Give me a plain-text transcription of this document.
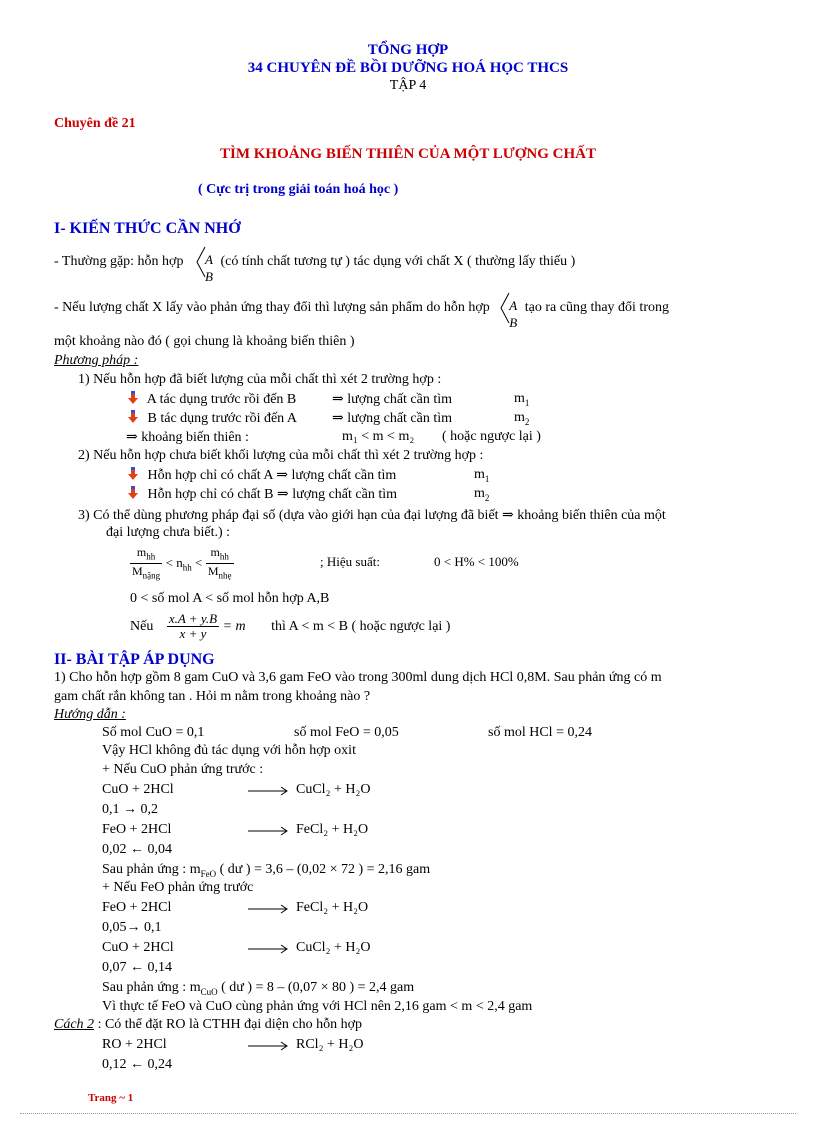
TỔNG HỢP
34 CHUYÊN ĐỀ BỒI DƯỠNG HOÁ HỌC THCS
TẬP 4
Chuyên đề 21
TÌM KHOẢNG BIẾN THIÊN CỦA MỘT LƯỢNG CHẤT
( Cực trị trong giải toán hoá học )
I- KIẾN THỨC CẦN NHỚ
- Thường gặp: hỗn hợp A
B
(có tính chất tương tự ) tác dụng với chất X ( thường lấy thiếu )
- Nếu lượng chất X lấy vào phản ứng thay đổi thì lượng sản phẩm do hỗn hợp A
B
tạo ra cũng thay đổi trong
một khoảng nào đó ( gọi chung là khoảng biến thiên )
Phương pháp :
1) Nếu hỗn hợp đã biết lượng của mỗi chất thì xét 2 trường hợp :
A tác dụng trước rồi đến B	⇒ lượng chất cần tìm	$m_1$
B tác dụng trước rồi đến A ⇒ lượng chất cần tìm	$m_2$
⇒ khoảng biến thiên :	m₁ < m < m₂ ( hoặc ngược lại )
2) Nếu hỗn hợp chưa biết khối lượng của mỗi chất thì xét 2 trường hợp :
Hỗn hợp chỉ có chất A ⇒ lượng chất cần tìm	$m_1$
Hỗn hợp chỉ có chất B ⇒ lượng chất cần tìm	$m_2$
3) Có thể dùng phương pháp đại số (dựa vào giới hạn của đại lượng đã biết ⇒ khoảng biến thiên của một
đại lượng chưa biết.) :
$\frac{m_{hh}}{M_{nặng}} < n_{hh} < \frac{m_{hh}}{M_{nhẹ}}$	; Hiệu suất:	0 < H% < 100%
0 < số mol A < số mol hỗn hợp A,B
Nếu $\frac{x.A + y.B}{x + y} = m$ thì A < m < B ( hoặc ngược lại )
II- BÀI TẬP ÁP DỤNG
1) Cho hỗn hợp gồm 8 gam CuO và 3,6 gam FeO vào trong 300ml dung dịch HCl 0,8M. Sau phản ứng có m
gam chất rắn không tan . Hỏi m nằm trong khoảng nào ?
Hướng dẫn :
Số mol CuO = 0,1	số mol FeO = 0,05	số mol HCl = 0,24
Vậy HCl không đủ tác dụng với hỗn hợp oxit
+ Nếu CuO phản ứng trước :
CuO + 2HCl	→ CuCl₂ + H₂O
0,1 → 0,2
FeO + 2HCl	→ FeCl₂ + H₂O
0,02 ← 0,04
Sau phản ứng : $m_{FeO}$ ( dư ) = 3,6 – (0,02 × 72 ) = 2,16 gam
+ Nếu FeO phản ứng trước
FeO + 2HCl	→ FeCl₂ + H₂O
0,05→ 0,1
CuO + 2HCl	→ CuCl₂ + H₂O
0,07 ← 0,14
Sau phản ứng : $m_{CuO}$ ( dư ) = 8 – (0,07 × 80 ) = 2,4 gam
Vì thực tế FeO và CuO cùng phản ứng với HCl nên 2,16 gam < m < 2,4 gam
Cách 2 : Có thể đặt RO là CTHH đại diện cho hỗn hợp
RO + 2HCl	→ RCl₂ + H₂O
0,12 ← 0,24
Trang ~ 1
